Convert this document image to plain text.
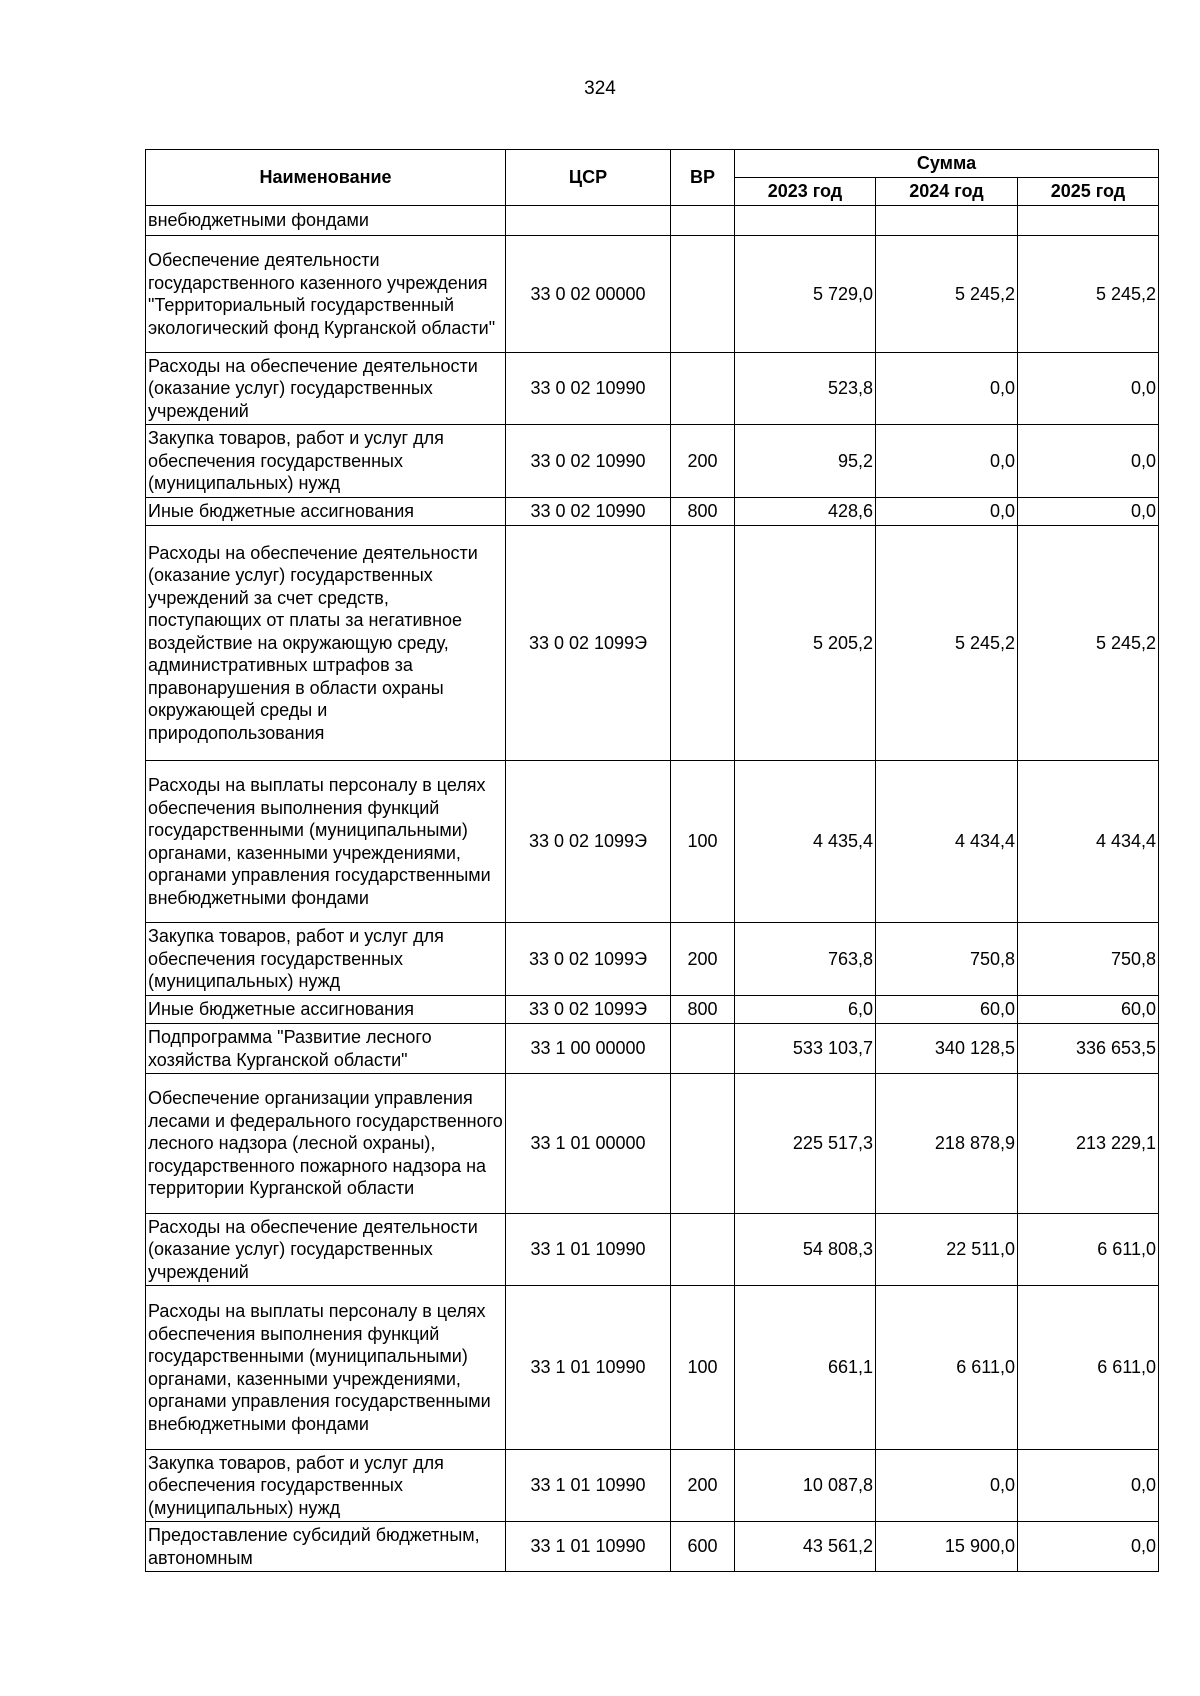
324
Наименование	ЦСР	ВР	Сумма		
			2023 год	2024 год	2025 год
внебюджетными фондами					
Обеспечение деятельности государственного казенного учреждения "Территориальный государственный экологический фонд Курганской области"	33 0 02 00000		5 729,0	5 245,2	5 245,2
Расходы на обеспечение деятельности (оказание услуг) государственных учреждений	33 0 02 10990		523,8	0,0	0,0
Закупка товаров, работ и услуг для обеспечения государственных (муниципальных) нужд	33 0 02 10990	200	95,2	0,0	0,0
Иные бюджетные ассигнования	33 0 02 10990	800	428,6	0,0	0,0
Расходы на обеспечение деятельности (оказание услуг) государственных учреждений за счет средств, поступающих от платы за негативное воздействие на окружающую среду, административных штрафов за правонарушения в области охраны окружающей среды и природопользования	33 0 02 1099Э		5 205,2	5 245,2	5 245,2
Расходы на выплаты персоналу в целях обеспечения выполнения функций государственными (муниципальными) органами, казенными учреждениями, органами управления государственными внебюджетными фондами	33 0 02 1099Э	100	4 435,4	4 434,4	4 434,4
Закупка товаров, работ и услуг для обеспечения государственных (муниципальных) нужд	33 0 02 1099Э	200	763,8	750,8	750,8
Иные бюджетные ассигнования	33 0 02 1099Э	800	6,0	60,0	60,0
Подпрограмма "Развитие лесного хозяйства Курганской области"	33 1 00 00000		533 103,7	340 128,5	336 653,5
Обеспечение организации управления лесами и федерального государственного лесного надзора (лесной охраны), государственного пожарного надзора на территории Курганской области	33 1 01 00000		225 517,3	218 878,9	213 229,1
Расходы на обеспечение деятельности (оказание услуг) государственных учреждений	33 1 01 10990		54 808,3	22 511,0	6 611,0
Расходы на выплаты персоналу в целях обеспечения выполнения функций государственными (муниципальными) органами, казенными учреждениями, органами управления государственными внебюджетными фондами	33 1 01 10990	100	661,1	6 611,0	6 611,0
Закупка товаров, работ и услуг для обеспечения государственных (муниципальных) нужд	33 1 01 10990	200	10 087,8	0,0	0,0
Предоставление субсидий бюджетным, автономным	33 1 01 10990	600	43 561,2	15 900,0	0,0
